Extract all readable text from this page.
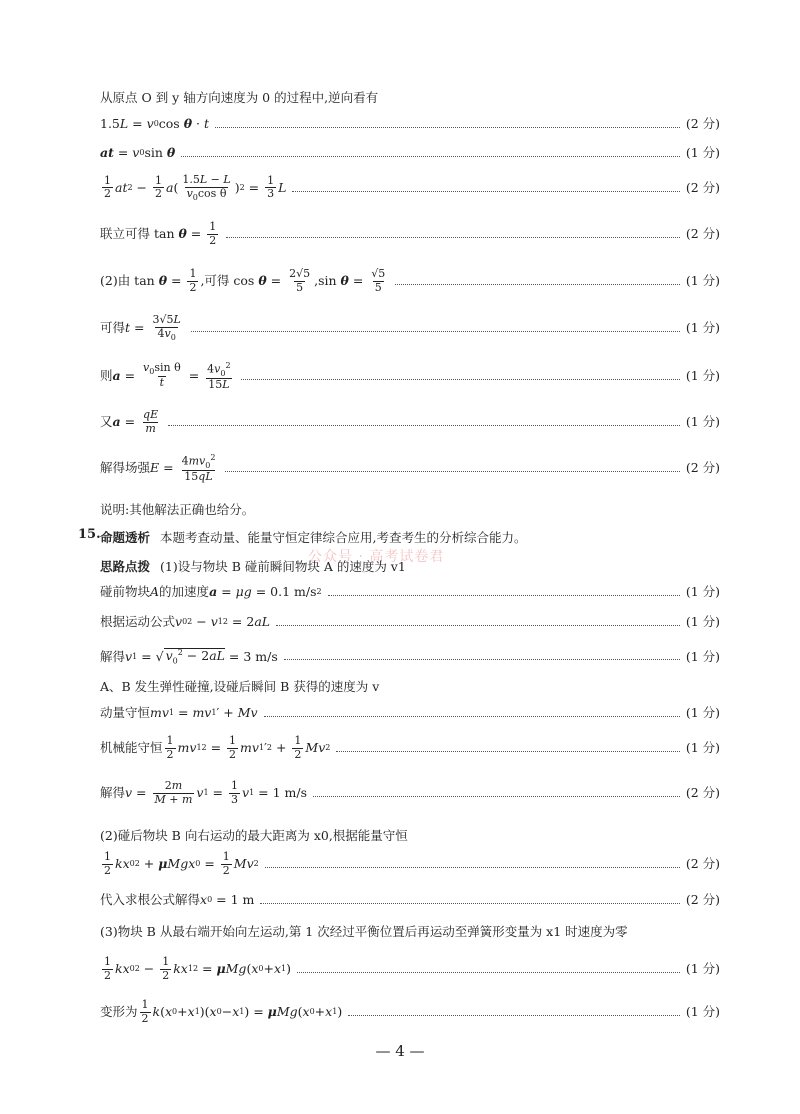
从原点 O 到 y 轴方向速度为 0 的过程中,逆向看有
1.5 L = v 0 cos θ · t	(2 分)
at = v 0 sin θ	(1 分)
$\frac{1}{2}$ at $2 - \frac{1}{2}$ a ( $\frac{1.5L - L}{v_0\cos \theta}$ ) $2 = \frac{1}{3}$ L	(2 分)
联立可得 $\tan \theta = \frac{1}{2}$	(2 分)
(2)由 $\tan \theta = \frac{1}{2}$ ,可得 $\cos \theta = \frac{2√5}{5} ,\sin$ $\theta = \frac{√5}{5}$	(1 分)
可得 $t = \frac{3√5L}{4v_0}$	(1 分)
则 $a = \frac{v_0\sin \theta}{t} = \frac{4v_0^2}{15L}$	(1 分)
又 $a = \frac{qE}{m}$	(1 分)
解得场强 $E = \frac{4mv_0^2}{15qL}$	(2 分)
说明:其他解法正确也给分。
15. 命题透析 本题考查动量、能量守恒定律综合应用,考查考生的分析综合能力。
公众号 · 高考试卷君
思路点拨 (1)设与物块 B 碰前瞬间物块 A 的速度为 v1
碰前物块 A 的加速度 a = μg = 0.1 m/s 2	(1 分)
根据运动公式 v 0 2 − v 1 2 = 2 aL	(1 分)
解得 v 1 = √ $v_0^2 - 2aL = 3$ m/s	(1 分)
A、B 发生弹性碰撞,设碰后瞬间 B 获得的速度为 v
动量守恒 mv 1 = mv 1 ′ + Mv	(1 分)
机械能守恒 $\frac{1}{2}$ mv 1 $2 = \frac{1}{2}$ mv 1 ′ $2 + \frac{1}{2}$ Mv 2	(1 分)
解得 $v = \frac{2m}{M + m}$ v $1 = \frac{1}{3}$ v 1 = 1 m/s	(2 分)
(2)碰后物块 B 向右运动的最大距离为 x0,根据能量守恒
$\frac{1}{2}$ kx 0 2 + μ Mgx $0 = \frac{1}{2}$ Mv 2	(2 分)
代入求根公式解得 x 0 = 1 m	(2 分)
(3)物块 B 从最右端开始向左运动,第 1 次经过平衡位置后再运动至弹簧形变量为 x1 时速度为零
$\frac{1}{2}$ kx 0 $2 - \frac{1}{2}$ kx 1 2 = μ Mg ( x 0 + x 1 )	(1 分)
变形为 $\frac{1}{2}$ k ( x 0 + x 1 )( x 0 − x 1 ) = μ Mg ( x 0 + x 1 )	(1 分)
— 4 —
